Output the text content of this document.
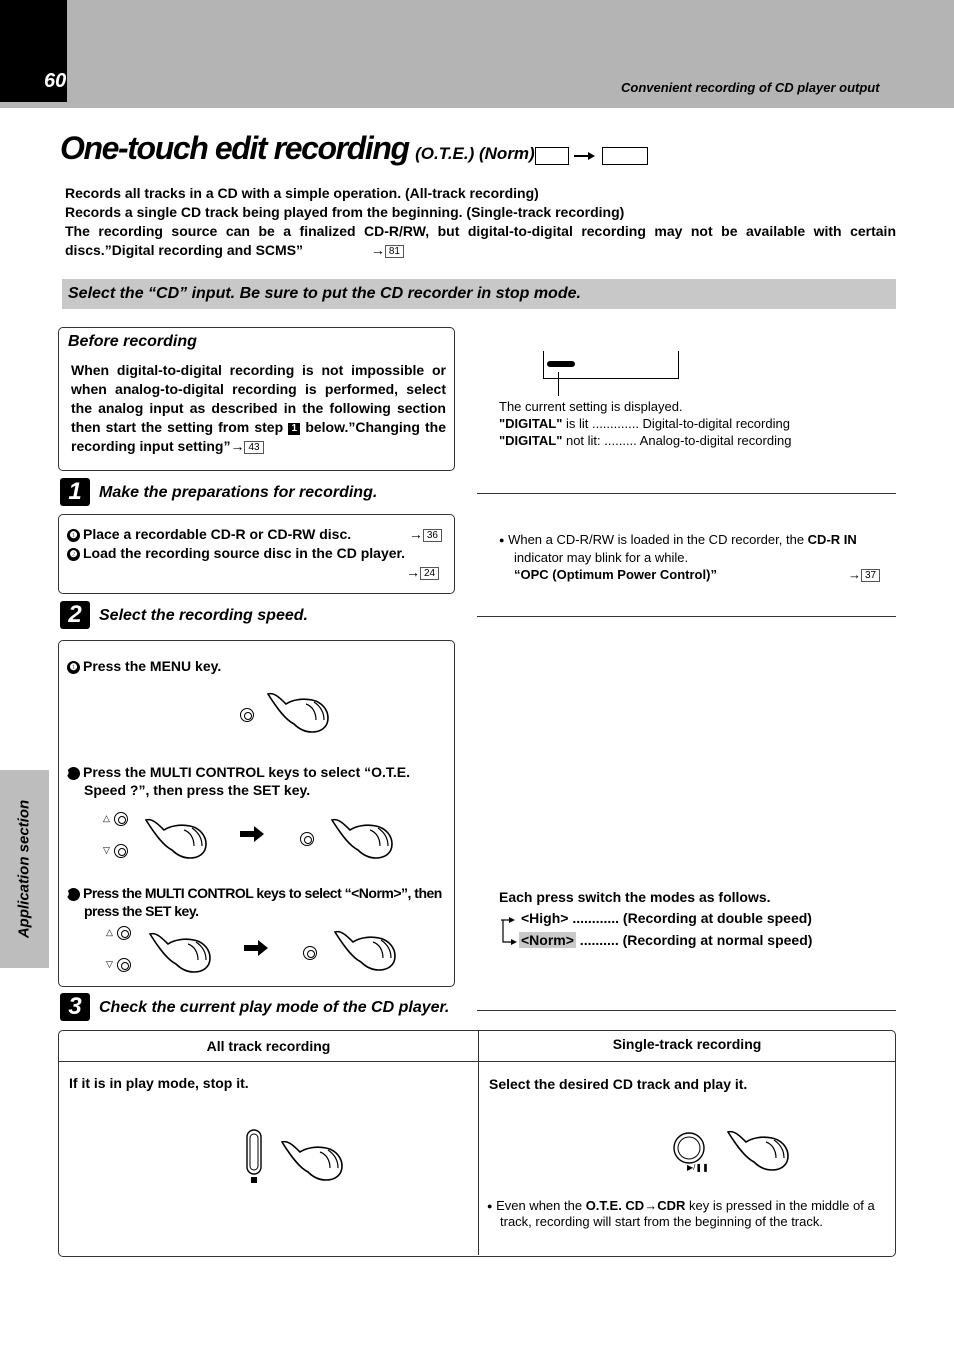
60	Convenient recording of CD player output
One-touch edit recording (O.T.E.) (Norm)
Records all tracks in a CD with a simple operation. (All-track recording)
Records a single CD track being played from the beginning. (Single-track recording)
The recording source can be a finalized CD-R/RW, but digital-to-digital recording may not be available with certain discs.”Digital recording and SCMS”	→ 81
Select the “CD” input. Be sure to put the CD recorder in stop mode.
Before recording
When digital-to-digital recording is not impossible or when analog-to-digital recording is performed, select the analog input as described in the following section then start the setting from step 1 below.”Changing the recording input setting”→ 43
The current setting is displayed.
"DIGITAL" is lit ............. Digital-to-digital recording
"DIGITAL" not lit: ......... Analog-to-digital recording
1	Make the preparations for recording.
❶ Place a recordable CD-R or CD-RW disc.	→ 36
❷ Load the recording source disc in the CD player.
→ 24
● When a CD-R/RW is loaded in the CD recorder, the CD-R IN
indicator may blink for a while.
“OPC (Optimum Power Control)”	→ 37
2	Select the recording speed.
❶ Press the MENU key.
❷ Press the MULTI CONTROL keys to select “O.T.E. Speed ?”, then press the SET key.
△
▽
❸ Press the MULTI CONTROL keys to select “<Norm>”, then press the SET key.
△
▽
Each press switch the modes as follows.
<High> ............ (Recording at double speed)
<Norm> .......... (Recording at normal speed)
3	Check the current play mode of the CD player.
All track recording	Single-track recording
If it is in play mode, stop it.	Select the desired CD track and play it.
▶/❚❚
● Even when the O.T.E. CD→CDR key is pressed in the middle of a track, recording will start from the beginning of the track.
Application section
